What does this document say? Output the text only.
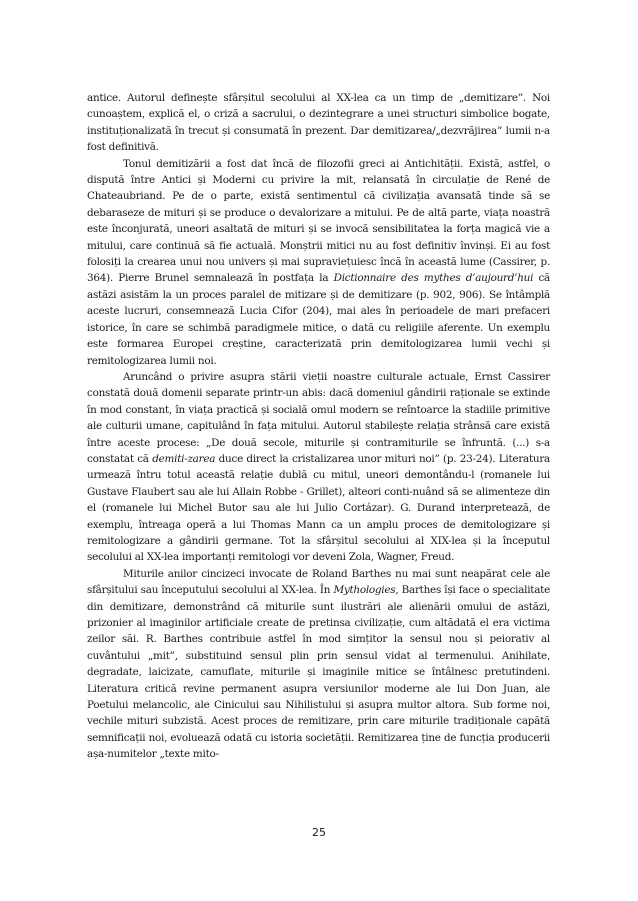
antice. Autorul definește sfârșitul secolului al XX-lea ca un timp de „demitizare”. Noi cunoaștem, explică el, o criză a sacrului, o dezintegrare a unei structuri simbolice bogate, instituționalizată în trecut și consumată în prezent. Dar demitizarea/„dezvrăjirea” lumii n-a fost definitivă.

Tonul demitizării a fost dat încă de filozofii greci ai Antichității. Există, astfel, o dispută între Antici și Moderni cu privire la mit, relansată în circulație de René de Chateaubriand. Pe de o parte, există sentimentul că civilizația avansată tinde să se debaraseze de mituri și se produce o devalorizare a mitului. Pe de altă parte, viața noastră este înconjurată, uneori asaltată de mituri și se invocă sensibilitatea la forța magică vie a mitului, care continuă să fie actuală. Monștrii mitici nu au fost definitiv învinși. Ei au fost folosiți la crearea unui nou univers și mai supraviețuiesc încă în această lume (Cassirer, p. 364). Pierre Brunel semnalează în postfața la Dictionnaire des mythes d’aujourd’hui că astăzi asistăm la un proces paralel de mitizare și de demitizare (p. 902, 906). Se întâmplă aceste lucruri, consemnează Lucia Cifor (204), mai ales în perioadele de mari prefaceri istorice, în care se schimbă paradigmele mitice, o dată cu religiile aferente. Un exemplu este formarea Europei creștine, caracterizată prin demitologizarea lumii vechi și remitologizarea lumii noi.

Aruncând o privire asupra stării vieții noastre culturale actuale, Ernst Cassirer constată două domenii separate printr-un abis: dacă domeniul gândirii raționale se extinde în mod constant, în viața practică și socială omul modern se reîntoarce la stadiile primitive ale culturii umane, capitulând în fața mitului. Autorul stabilește relația strânsă care există între aceste procese: „De două secole, miturile și contramiturile se înfruntă. (...) s-a constatat că demiti-zarea duce direct la cristalizarea unor mituri noi” (p. 23-24). Literatura urmează întru totul această relație dublă cu mitul, uneori demontându-l (romanele lui Gustave Flaubert sau ale lui Allain Robbe - Grillet), alteori conti-nuând să se alimenteze din el (romanele lui Michel Butor sau ale lui Julio Cortázar). G. Durand interpretează, de exemplu, întreaga operă a lui Thomas Mann ca un amplu proces de demitologizare și remitologizare a gândirii germane. Tot la sfârșitul secolului al XIX-lea și la începutul secolului al XX-lea importanți remitologi vor deveni Zola, Wagner, Freud.

Miturile anilor cincizeci invocate de Roland Barthes nu mai sunt neapărat cele ale sfârșitului sau începutului secolului al XX-lea. În Mythologies, Barthes își face o specialitate din demitizare, demonstrând că miturile sunt ilustrări ale alienării omului de astăzi, prizonier al imaginilor artificiale create de pretinsa civilizație, cum altădată el era victima zeilor săi. R. Barthes contribuie astfel în mod simțitor la sensul nou și peiorativ al cuvântului „mit”, substituind sensul plin prin sensul vidat al termenului. Anihilate, degradate, laicizate, camuflate, miturile și imaginile mitice se întâlnesc pretutindeni. Literatura critică revine permanent asupra versiunilor moderne ale lui Don Juan, ale Poetului melancolic, ale Cinicului sau Nihilistului și asupra multor altora. Sub forme noi, vechile mituri subzistă. Acest proces de remitizare, prin care miturile tradiționale capătă semnificații noi, evoluează odată cu istoria societății. Remitizarea ține de funcția producerii așa-numitelor „texte mito-

25
